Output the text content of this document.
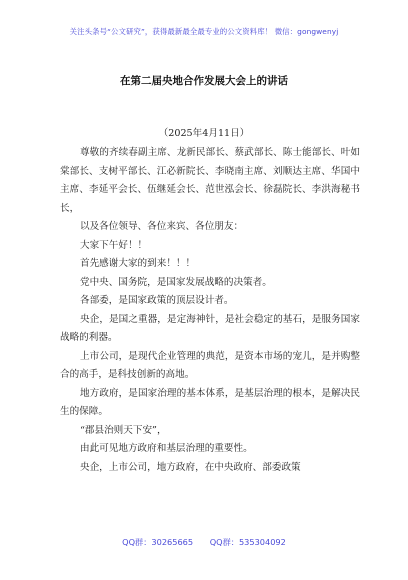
关注头条号“公文研究”，获得最新最全最专业的公文资料库！ 微信：gongwenyj
在第二届央地合作发展大会上的讲话
（2025年4月11日）

尊敬的齐续春副主席、龙新民部长、蔡武部长、陈士能部长、叶如棠部长、支树平部长、江必新院长、李晓南主席、刘顺达主席、华国中主席、李延平会长、伍继延会长、范世泓会长、徐磊院长、李洪海秘书长，

以及各位领导、各位来宾、各位朋友：

大家下午好！！

首先感谢大家的到来！！！

党中央、国务院，是国家发展战略的决策者。

各部委，是国家政策的顶层设计者。

央企，是国之重器，是定海神针，是社会稳定的基石，是服务国家战略的利器。

上市公司，是现代企业管理的典范，是资本市场的宠儿，是并购整合的高手，是科技创新的高地。

地方政府，是国家治理的基本体系，是基层治理的根本，是解决民生的保障。

“郡县治则天下安”，

由此可见地方政府和基层治理的重要性。

央企，上市公司，地方政府，在中央政府、部委政策

QQ群：30265665 QQ群：535304092
